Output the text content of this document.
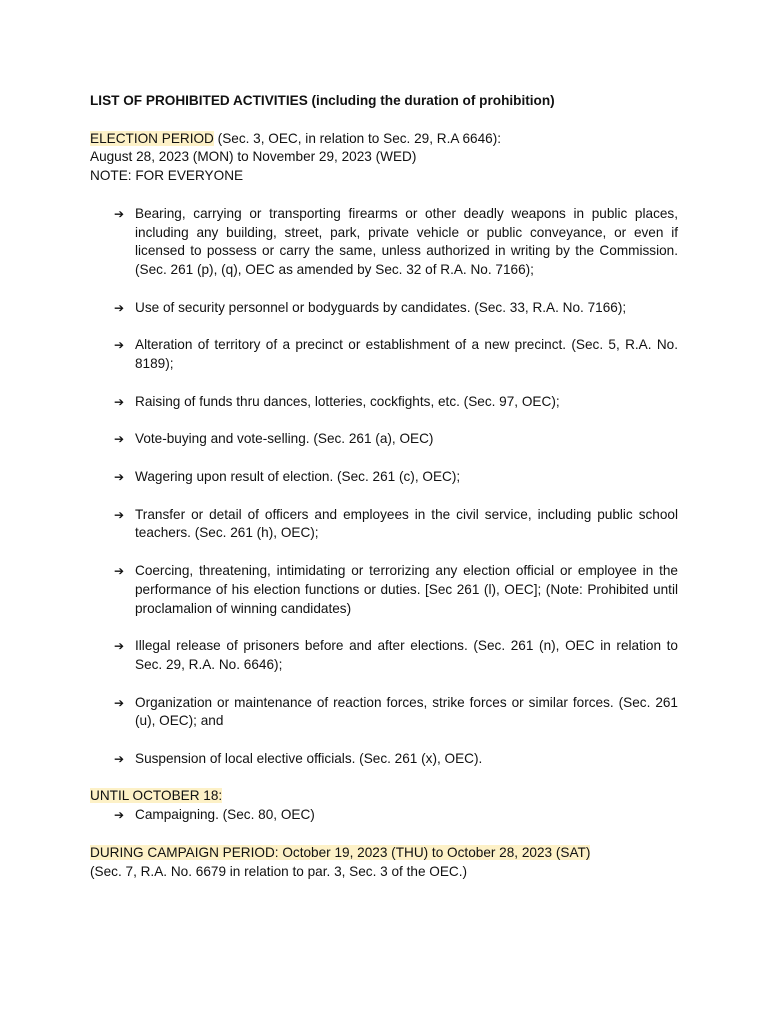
LIST OF PROHIBITED ACTIVITIES (including the duration of prohibition)

ELECTION PERIOD (Sec. 3, OEC, in relation to Sec. 29, R.A 6646):

August 28, 2023 (MON) to November 29, 2023 (WED)

NOTE: FOR EVERYONE

➔ Bearing, carrying or transporting firearms or other deadly weapons in public places, including any building, street, park, private vehicle or public conveyance, or even if licensed to possess or carry the same, unless authorized in writing by the Commission. (Sec. 261 (p), (q), OEC as amended by Sec. 32 of R.A. No. 7166);
➔ Use of security personnel or bodyguards by candidates. (Sec. 33, R.A. No. 7166);
➔ Alteration of territory of a precinct or establishment of a new precinct. (Sec. 5, R.A. No. 8189);
➔ Raising of funds thru dances, lotteries, cockfights, etc. (Sec. 97, OEC);
➔ Vote-buying and vote-selling. (Sec. 261 (a), OEC)
➔ Wagering upon result of election. (Sec. 261 (c), OEC);
➔ Transfer or detail of officers and employees in the civil service, including public school teachers. (Sec. 261 (h), OEC);
➔ Coercing, threatening, intimidating or terrorizing any election official or employee in the performance of his election functions or duties. [Sec 261 (l), OEC]; (Note: Prohibited until proclamalion of winning candidates)
➔ Illegal release of prisoners before and after elections. (Sec. 261 (n), OEC in relation to Sec. 29, R.A. No. 6646);
➔ Organization or maintenance of reaction forces, strike forces or similar forces. (Sec. 261 (u), OEC); and
➔ Suspension of local elective officials. (Sec. 261 (x), OEC).

UNTIL OCTOBER 18:

➔ Campaigning. (Sec. 80, OEC)

DURING CAMPAIGN PERIOD: October 19, 2023 (THU) to October 28, 2023 (SAT)

(Sec. 7, R.A. No. 6679 in relation to par. 3, Sec. 3 of the OEC.)
